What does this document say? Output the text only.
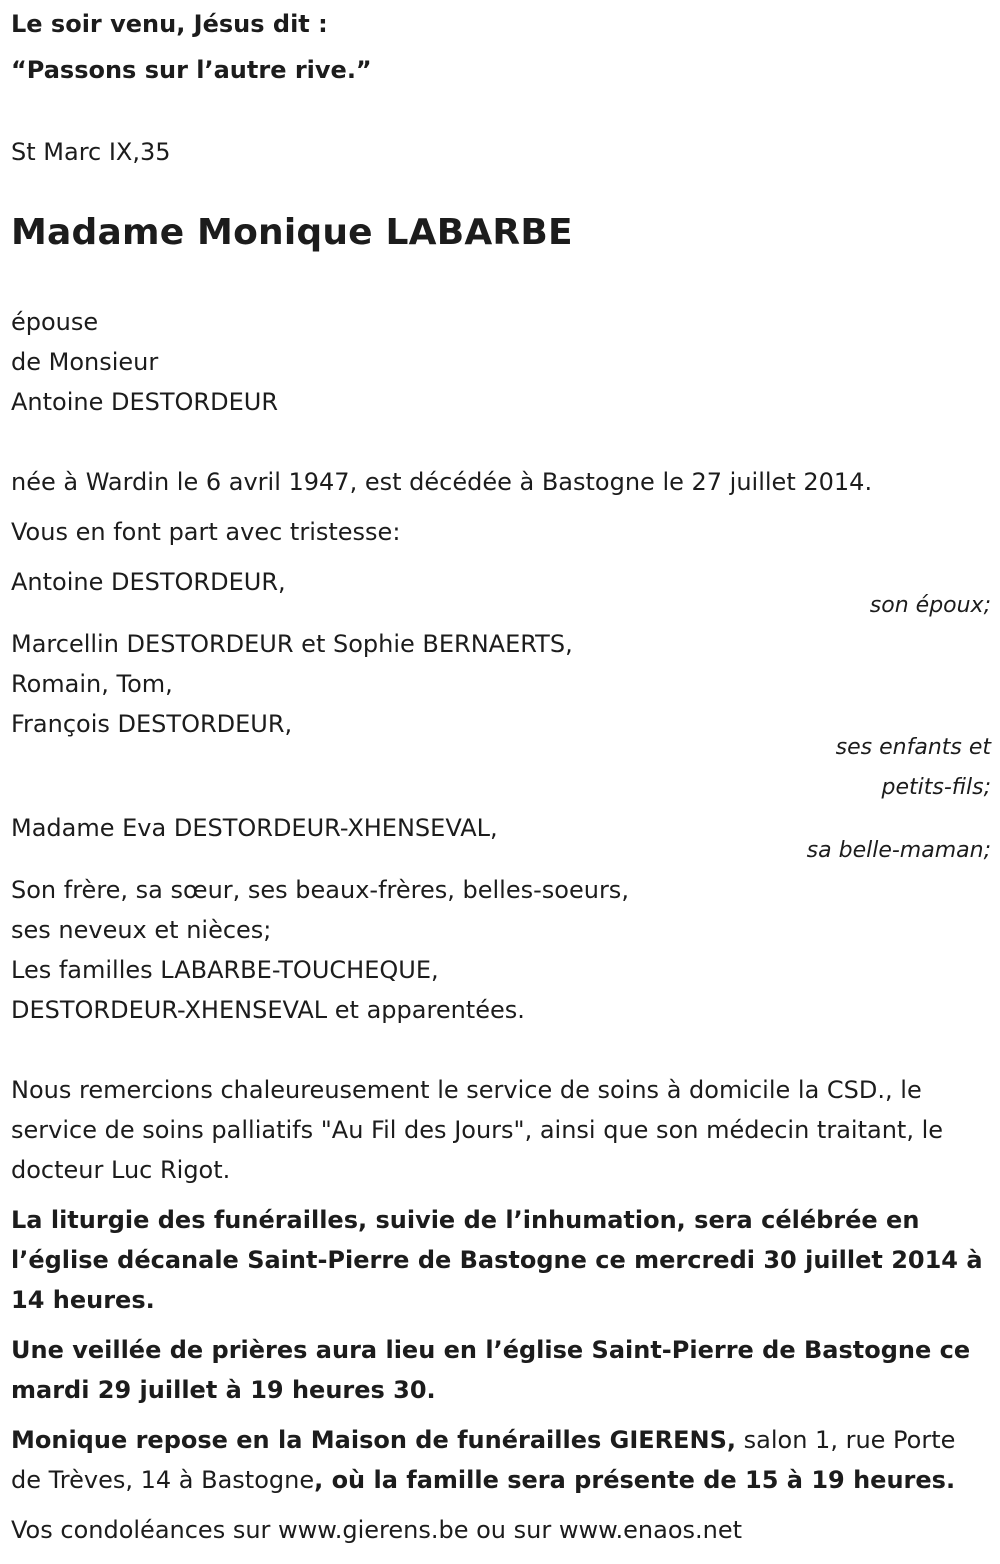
Le soir venu, Jésus dit :
“Passons sur l’autre rive.”
St Marc IX,35
Madame Monique LABARBE
épouse
de Monsieur
Antoine DESTORDEUR
née à Wardin le 6 avril 1947, est décédée à Bastogne le 27 juillet 2014.
Vous en font part avec tristesse:
Antoine DESTORDEUR,
son époux;
Marcellin DESTORDEUR et Sophie BERNAERTS,
Romain, Tom,
François DESTORDEUR,
ses enfants et
petits-fils;
Madame Eva DESTORDEUR-XHENSEVAL,
sa belle-maman;
Son frère, sa sœur, ses beaux-frères, belles-soeurs,
ses neveux et nièces;
Les familles LABARBE-TOUCHEQUE,
DESTORDEUR-XHENSEVAL et apparentées.
Nous remercions chaleureusement le service de soins à domicile la CSD., le service de soins palliatifs "Au Fil des Jours", ainsi que son médecin traitant, le docteur Luc Rigot.
La liturgie des funérailles, suivie de l’inhumation, sera célébrée en l’église décanale Saint-Pierre de Bastogne ce mercredi 30 juillet 2014 à 14 heures.
Une veillée de prières aura lieu en l’église Saint-Pierre de Bastogne ce mardi 29 juillet à 19 heures 30.
Monique repose en la Maison de funérailles GIERENS, salon 1, rue Porte de Trèves, 14 à Bastogne, où la famille sera présente de 15 à 19 heures.
Vos condoléances sur www.gierens.be ou sur www.enaos.net
